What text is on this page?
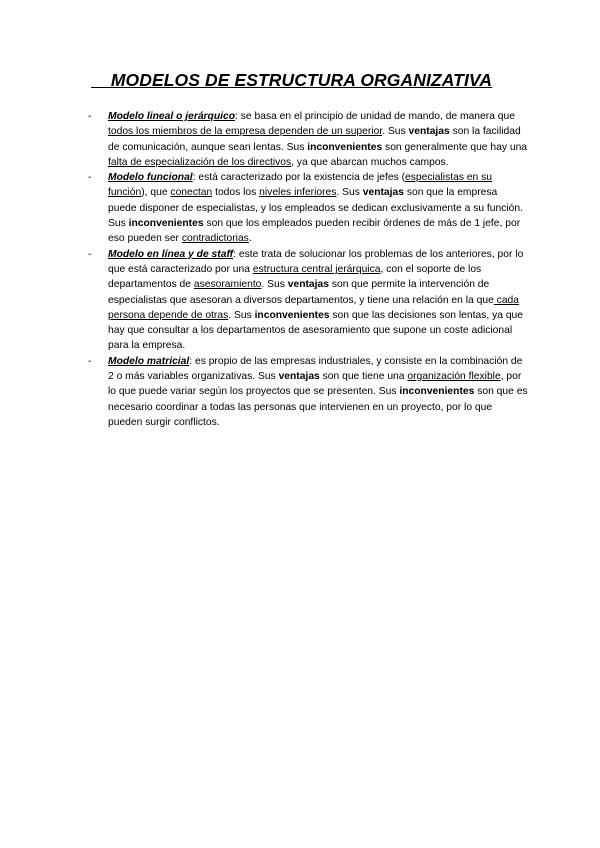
MODELOS DE ESTRUCTURA ORGANIZATIVA
- Modelo lineal o jerárquico: se basa en el principio de unidad de mando, de manera que todos los miembros de la empresa dependen de un superior. Sus ventajas son la facilidad de comunicación, aunque sean lentas. Sus inconvenientes son generalmente que hay una falta de especialización de los directivos, ya que abarcan muchos campos.
- Modelo funcional: está caracterizado por la existencia de jefes (especialistas en su función), que conectan todos los niveles inferiores. Sus ventajas son que la empresa puede disponer de especialistas, y los empleados se dedican exclusivamente a su función. Sus inconvenientes son que los empleados pueden recibir órdenes de más de 1 jefe, por eso pueden ser contradictorias.
- Modelo en línea y de staff: este trata de solucionar los problemas de los anteriores, por lo que está caracterizado por una estructura central jerárquica, con el soporte de los departamentos de asesoramiento. Sus ventajas son que permite la intervención de especialistas que asesoran a diversos departamentos, y tiene una relación en la que cada persona depende de otras. Sus inconvenientes son que las decisiones son lentas, ya que hay que consultar a los departamentos de asesoramiento que supone un coste adicional para la empresa.
- Modelo matricial: es propio de las empresas industriales, y consiste en la combinación de 2 o más variables organizativas. Sus ventajas son que tiene una organización flexible, por lo que puede variar según los proyectos que se presenten. Sus inconvenientes son que es necesario coordinar a todas las personas que intervienen en un proyecto, por lo que pueden surgir conflictos.
